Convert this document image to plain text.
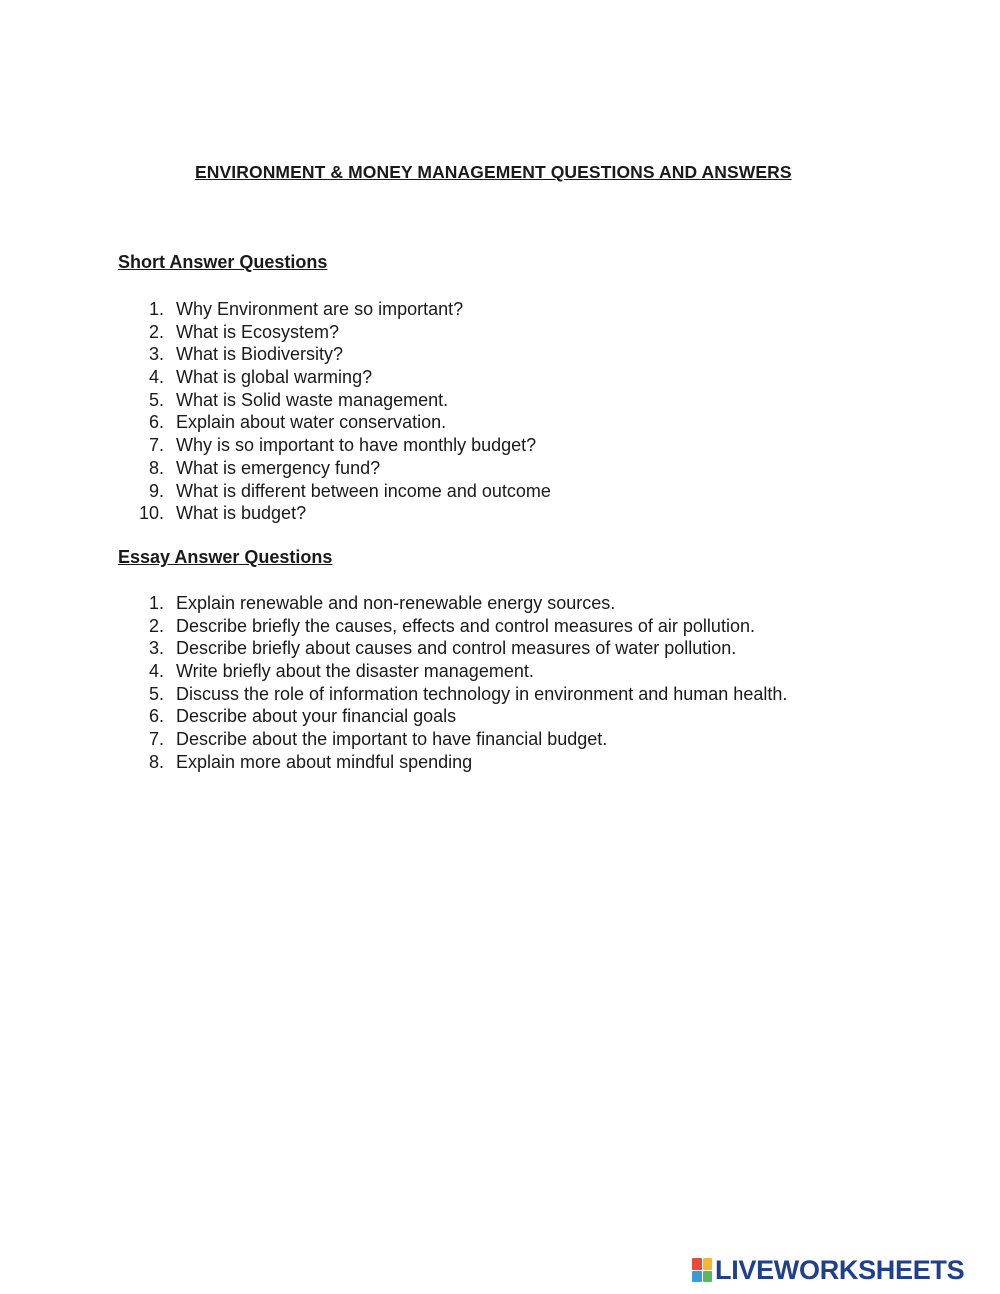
ENVIRONMENT & MONEY MANAGEMENT QUESTIONS AND ANSWERS
Short Answer Questions
1. Why Environment are so important?
2. What is Ecosystem?
3. What is Biodiversity?
4. What is global warming?
5. What is Solid waste management.
6. Explain about water conservation.
7. Why is so important to have monthly budget?
8. What is emergency fund?
9. What is different between income and outcome
10. What is budget?
Essay Answer Questions
1. Explain renewable and non-renewable energy sources.
2. Describe briefly the causes, effects and control measures of air pollution.
3. Describe briefly about causes and control measures of water pollution.
4. Write briefly about the disaster management.
5. Discuss the role of information technology in environment and human health.
6. Describe about your financial goals
7. Describe about the important to have financial budget.
8. Explain more about mindful spending
LIVEWORKSHEETS
